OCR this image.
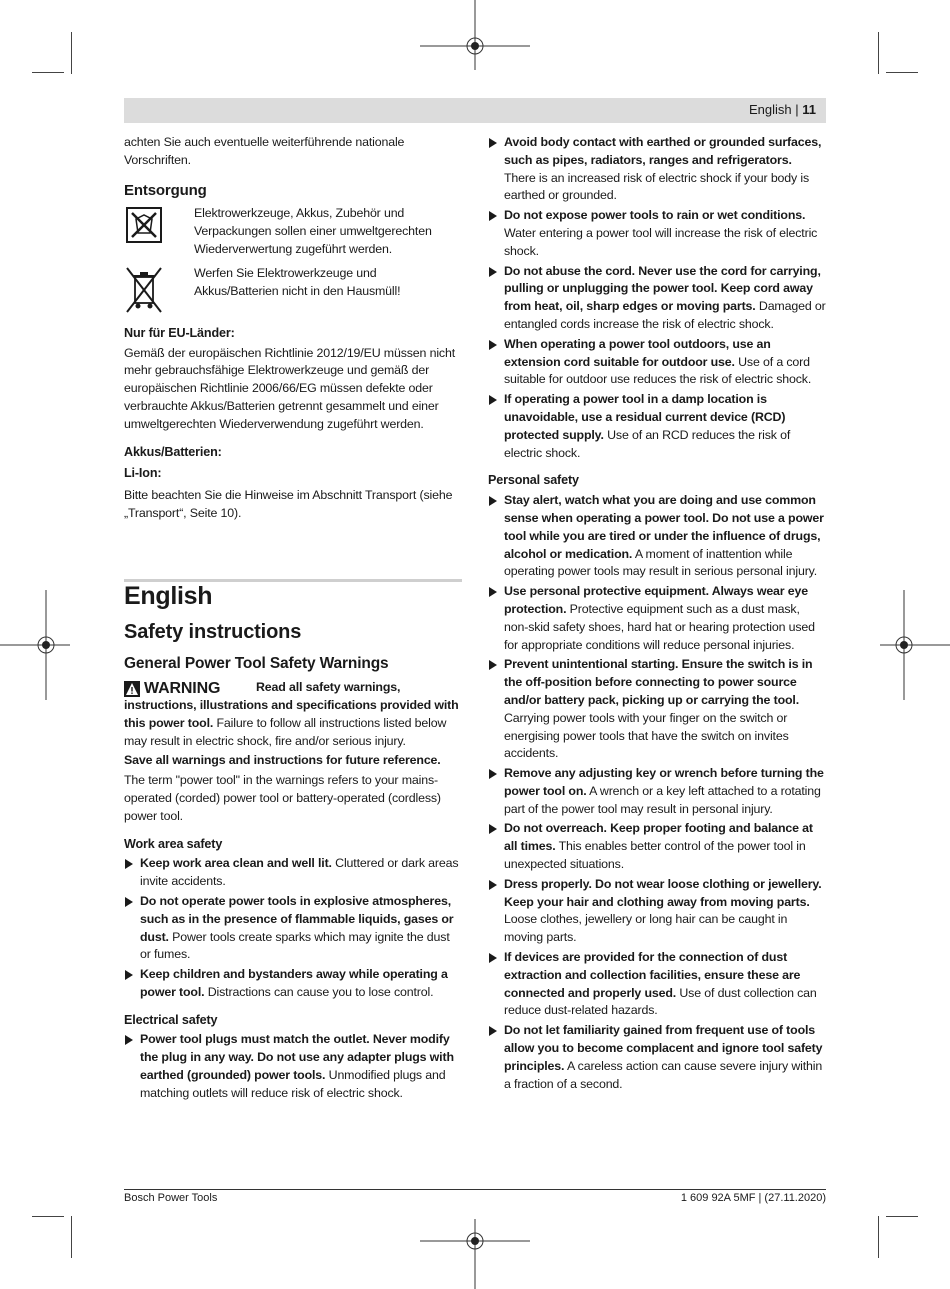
English | 11

achten Sie auch eventuelle weiterführende nationale Vorschriften.

Entsorgung

Elektrowerkzeuge, Akkus, Zubehör und Verpackungen sollen einer umweltgerechten Wiederverwertung zugeführt werden.

Werfen Sie Elektrowerkzeuge und Akkus/Batterien nicht in den Hausmüll!

Nur für EU-Länder:

Gemäß der europäischen Richtlinie 2012/19/EU müssen nicht mehr gebrauchsfähige Elektrowerkzeuge und gemäß der europäischen Richtlinie 2006/66/EG müssen defekte oder verbrauchte Akkus/Batterien getrennt gesammelt und einer umweltgerechten Wiederverwendung zugeführt werden.

Akkus/Batterien:
Li-Ion:

Bitte beachten Sie die Hinweise im Abschnitt Transport (siehe „Transport“, Seite 10).

English
Safety instructions
General Power Tool Safety Warnings
WARNING	Read all safety warnings, instructions, illustrations and specifications provided with this power tool. Failure to follow all instructions listed below may result in electric shock, fire and/or serious injury.

Save all warnings and instructions for future reference.

The term "power tool" in the warnings refers to your mains-operated (corded) power tool or battery-operated (cordless) power tool.

Work area safety
Keep work area clean and well lit. Cluttered or dark areas invite accidents.
Do not operate power tools in explosive atmospheres, such as in the presence of flammable liquids, gases or dust. Power tools create sparks which may ignite the dust or fumes.
Keep children and bystanders away while operating a power tool. Distractions can cause you to lose control.
Electrical safety
Power tool plugs must match the outlet. Never modify the plug in any way. Do not use any adapter plugs with earthed (grounded) power tools. Unmodified plugs and matching outlets will reduce risk of electric shock.
Avoid body contact with earthed or grounded surfaces, such as pipes, radiators, ranges and refrigerators. There is an increased risk of electric shock if your body is earthed or grounded.
Do not expose power tools to rain or wet conditions. Water entering a power tool will increase the risk of electric shock.
Do not abuse the cord. Never use the cord for carrying, pulling or unplugging the power tool. Keep cord away from heat, oil, sharp edges or moving parts. Damaged or entangled cords increase the risk of electric shock.
When operating a power tool outdoors, use an extension cord suitable for outdoor use. Use of a cord suitable for outdoor use reduces the risk of electric shock.
If operating a power tool in a damp location is unavoidable, use a residual current device (RCD) protected supply. Use of an RCD reduces the risk of electric shock.
Personal safety
Stay alert, watch what you are doing and use common sense when operating a power tool. Do not use a power tool while you are tired or under the influence of drugs, alcohol or medication. A moment of inattention while operating power tools may result in serious personal injury.
Use personal protective equipment. Always wear eye protection. Protective equipment such as a dust mask, non-skid safety shoes, hard hat or hearing protection used for appropriate conditions will reduce personal injuries.
Prevent unintentional starting. Ensure the switch is in the off-position before connecting to power source and/or battery pack, picking up or carrying the tool. Carrying power tools with your finger on the switch or energising power tools that have the switch on invites accidents.
Remove any adjusting key or wrench before turning the power tool on. A wrench or a key left attached to a rotating part of the power tool may result in personal injury.
Do not overreach. Keep proper footing and balance at all times. This enables better control of the power tool in unexpected situations.
Dress properly. Do not wear loose clothing or jewellery. Keep your hair and clothing away from moving parts. Loose clothes, jewellery or long hair can be caught in moving parts.
If devices are provided for the connection of dust extraction and collection facilities, ensure these are connected and properly used. Use of dust collection can reduce dust-related hazards.
Do not let familiarity gained from frequent use of tools allow you to become complacent and ignore tool safety principles. A careless action can cause severe injury within a fraction of a second.
Bosch Power Tools	1 609 92A 5MF | (27.11.2020)
